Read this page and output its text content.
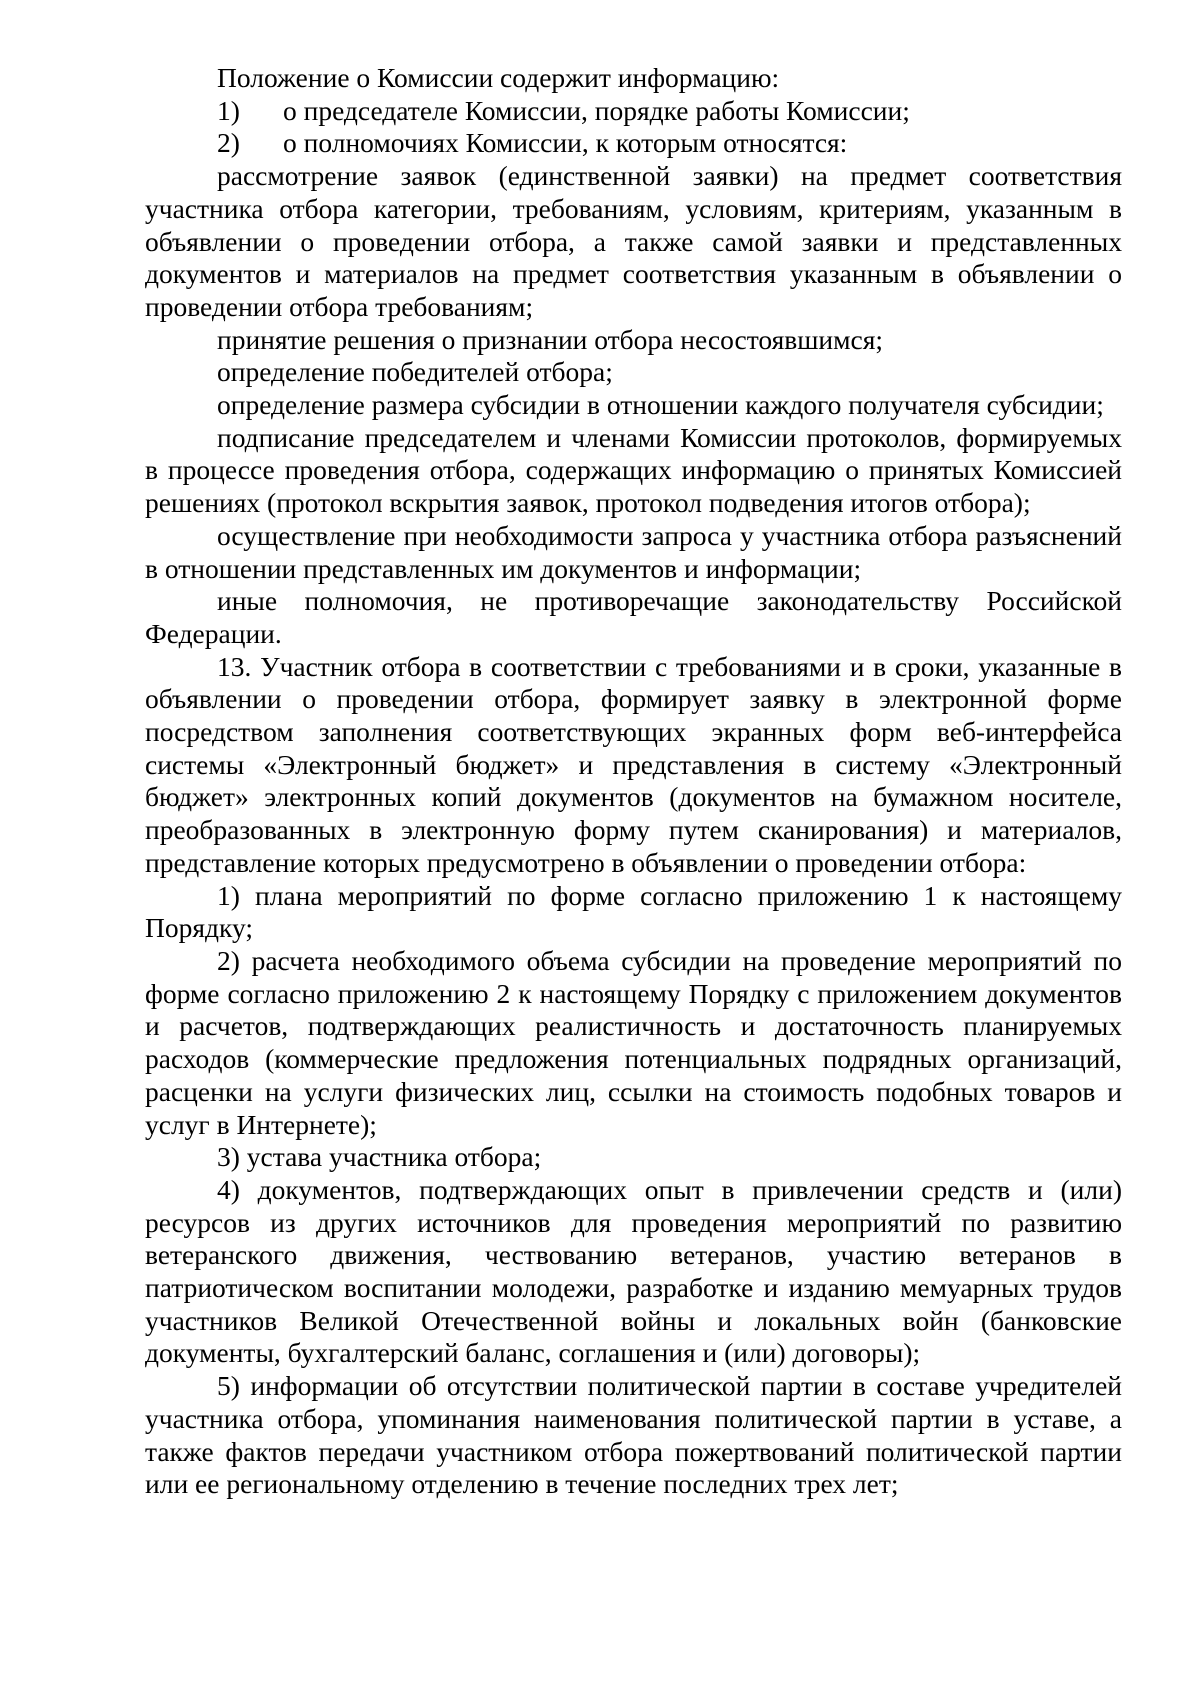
Положение о Комиссии содержит информацию:

1) о председателе Комиссии, порядке работы Комиссии;
2) о полномочиях Комиссии, к которым относятся:

рассмотрение заявок (единственной заявки) на предмет соответствия участника отбора категории, требованиям, условиям, критериям, указанным в объявлении о проведении отбора, а также самой заявки и представленных документов и материалов на предмет соответствия указанным в объявлении о проведении отбора требованиям;

принятие решения о признании отбора несостоявшимся;

определение победителей отбора;

определение размера субсидии в отношении каждого получателя субсидии;

подписание председателем и членами Комиссии протоколов, формируемых в процессе проведения отбора, содержащих информацию о принятых Комиссией решениях (протокол вскрытия заявок, протокол подведения итогов отбора);

осуществление при необходимости запроса у участника отбора разъяснений в отношении представленных им документов и информации;

иные полномочия, не противоречащие законодательству Российской Федерации.

13. Участник отбора в соответствии с требованиями и в сроки, указанные в объявлении о проведении отбора, формирует заявку в электронной форме посредством заполнения соответствующих экранных форм веб-интерфейса системы «Электронный бюджет» и представления в систему «Электронный бюджет» электронных копий документов (документов на бумажном носителе, преобразованных в электронную форму путем сканирования) и материалов, представление которых предусмотрено в объявлении о проведении отбора:

1) плана мероприятий по форме согласно приложению 1 к настоящему Порядку;

2) расчета необходимого объема субсидии на проведение мероприятий по форме согласно приложению 2 к настоящему Порядку с приложением документов и расчетов, подтверждающих реалистичность и достаточность планируемых расходов (коммерческие предложения потенциальных подрядных организаций, расценки на услуги физических лиц, ссылки на стоимость подобных товаров и услуг в Интернете);

3) устава участника отбора;

4) документов, подтверждающих опыт в привлечении средств и (или) ресурсов из других источников для проведения мероприятий по развитию ветеранского движения, чествованию ветеранов, участию ветеранов в патриотическом воспитании молодежи, разработке и изданию мемуарных трудов участников Великой Отечественной войны и локальных войн (банковские документы, бухгалтерский баланс, соглашения и (или) договоры);

5) информации об отсутствии политической партии в составе учредителей участника отбора, упоминания наименования политической партии в уставе, а также фактов передачи участником отбора пожертвований политической партии или ее региональному отделению в течение последних трех лет;
